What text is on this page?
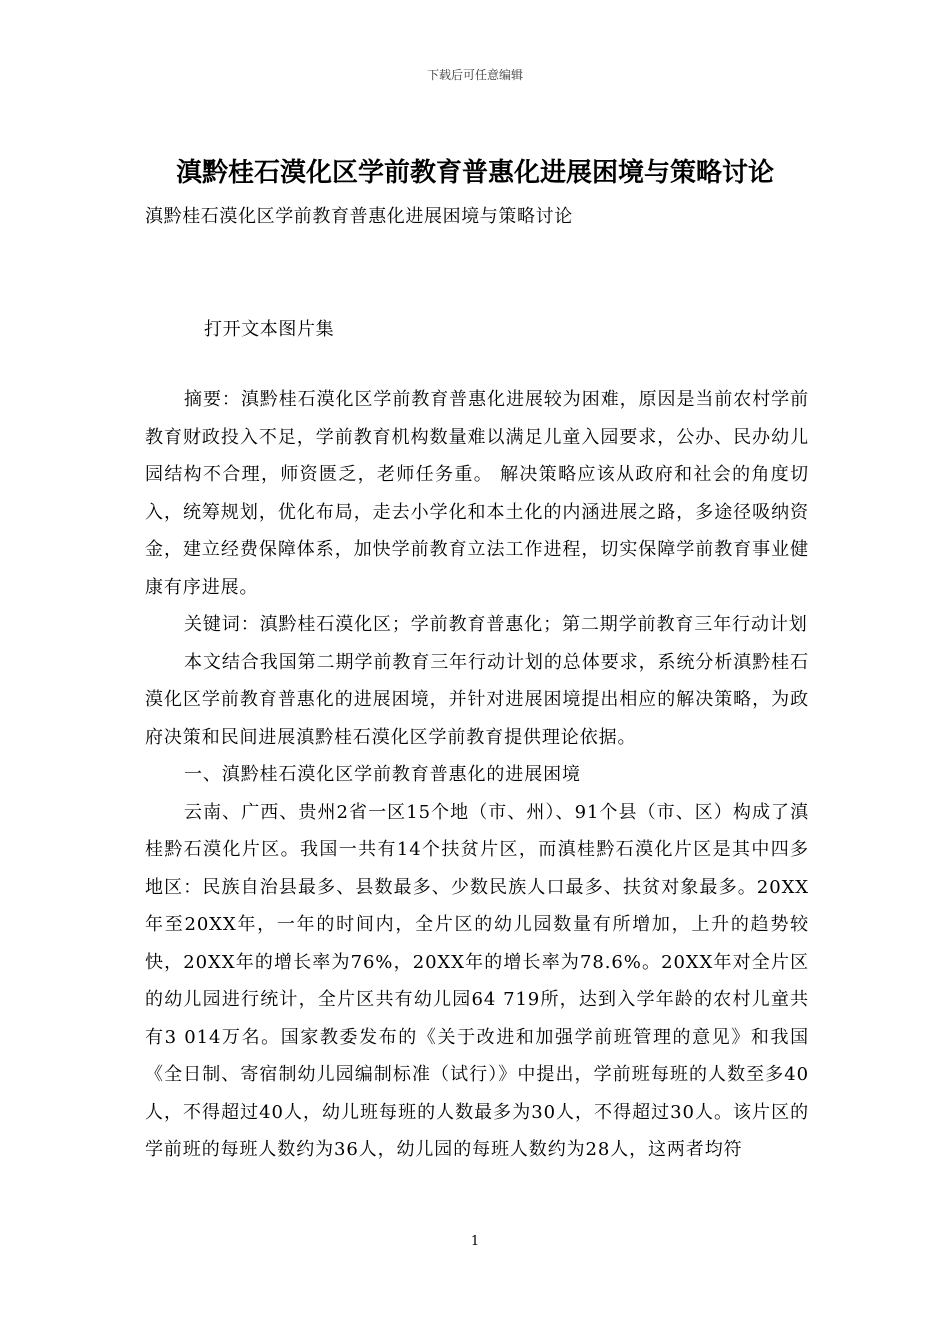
下载后可任意编辑
滇黔桂石漠化区学前教育普惠化进展困境与策略讨论
滇黔桂石漠化区学前教育普惠化进展困境与策略讨论
打开文本图片集

摘要：滇黔桂石漠化区学前教育普惠化进展较为困难，原因是当前农村学前教育财政投入不足，学前教育机构数量难以满足儿童入园要求，公办、民办幼儿园结构不合理，师资匮乏，老师任务重。 解决策略应该从政府和社会的角度切入，统筹规划，优化布局，走去小学化和本土化的内涵进展之路，多途径吸纳资金，建立经费保障体系，加快学前教育立法工作进程，切实保障学前教育事业健康有序进展。

关键词：滇黔桂石漠化区；学前教育普惠化；第二期学前教育三年行动计划

本文结合我国第二期学前教育三年行动计划的总体要求，系统分析滇黔桂石漠化区学前教育普惠化的进展困境，并针对进展困境提出相应的解决策略，为政府决策和民间进展滇黔桂石漠化区学前教育提供理论依据。

一、滇黔桂石漠化区学前教育普惠化的进展困境

云南、广西、贵州2省一区15个地（市、州）、91个县（市、区）构成了滇桂黔石漠化片区。我国一共有14个扶贫片区，而滇桂黔石漠化片区是其中四多地区：民族自治县最多、县数最多、少数民族人口最多、扶贫对象最多。20XX年至20XX年，一年的时间内，全片区的幼儿园数量有所增加，上升的趋势较快，20XX年的增长率为76%，20XX年的增长率为78.6%。20XX年对全片区的幼儿园进行统计，全片区共有幼儿园64 719所，达到入学年龄的农村儿童共有3 014万名。国家教委发布的《关于改进和加强学前班管理的意见》和我国《全日制、寄宿制幼儿园编制标准（试行）》中提出，学前班每班的人数至多40人，不得超过40人，幼儿班每班的人数最多为30人，不得超过30人。该片区的学前班的每班人数约为36人，幼儿园的每班人数约为28人，这两者均符

1
